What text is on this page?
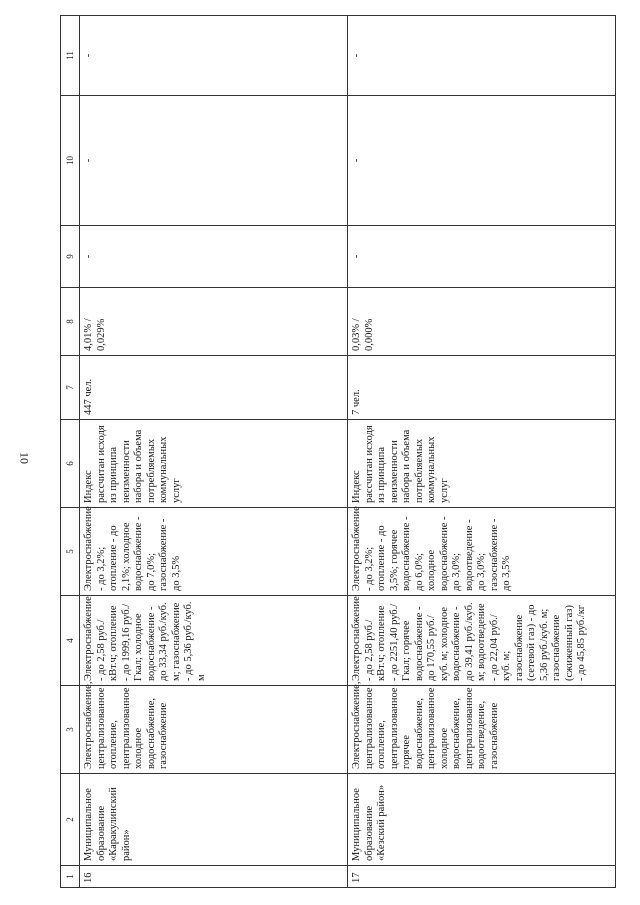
10
1	2	3	4	5	6	7	8	9	10	11
16	Муниципальное образование «Каракулинский район»	Электроснабжение, централизованное отопление, централизованное холодное водоснабжение, газоснабжение	Электроснабжение - до 2,58 руб./кВт.ч; отопление - до 1999,16 руб./Гкал; холодное водоснабжение - до 33,34 руб./куб. м; газоснабжение - до 5,36 руб./куб. м	Электроснабжение - до 3,2%; отопление - до 2,1%; холодное водоснабжение - до 7,0%; газоснабжение - до 3,5%	Индекс рассчитан исходя из принципа неизменности набора и объема потребляемых коммунальных услуг	447 чел.	4,01% / 0,029%	-	-	-
17	Муниципальное образование «Кезский район»	Электроснабжение, централизованное отопление, централизованное горячее водоснабжение, централизованное холодное водоснабжение, централизованное водоотведение, газоснабжение	Электроснабжение - до 2,58 руб./кВт.ч; отопление - до 2251,40 руб./Гкал; горячее водоснабжение - до 170,55 руб./куб. м; холодное водоснабжение - до 39,41 руб./куб. м; водоотведение - до 22,04 руб./куб. м; газоснабжение (сетевой газ) - до 5,36 руб./куб. м; газоснабжение (сжиженный газ) - до 45,85 руб./кг	Электроснабжение - до 3,2%; отопление - до 3,5%; горячее водоснабжение - до 6,0%; холодное водоснабжение - до 3,0%; водоотведение - до 3,0%; газоснабжение - до 3,5%	Индекс рассчитан исходя из принципа неизменности набора и объема потребляемых коммунальных услуг	7 чел.	0,03% / 0,000%	-	-	-
